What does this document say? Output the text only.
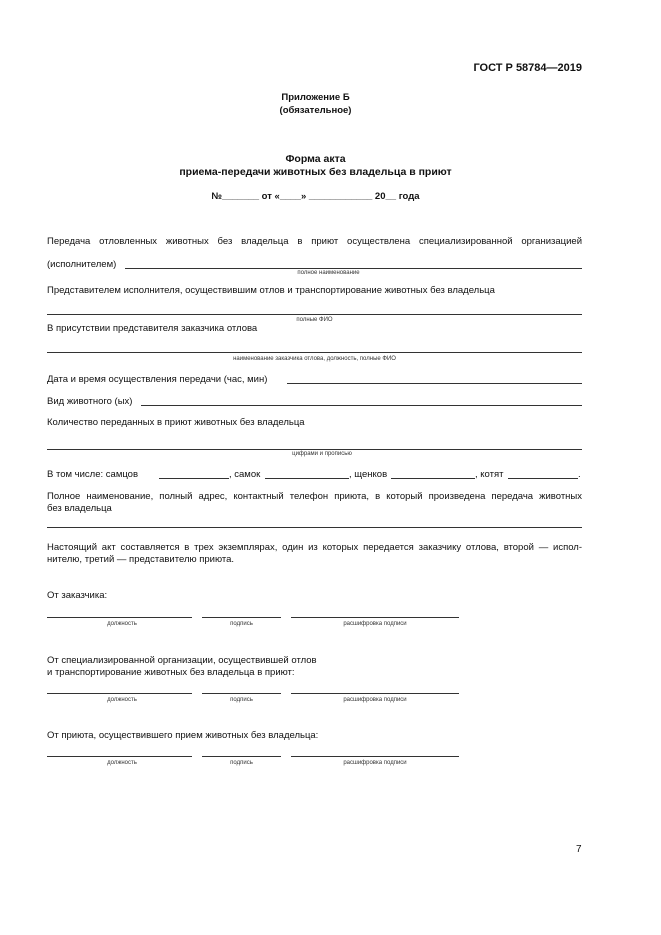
ГОСТ Р 58784—2019
Приложение Б
(обязательное)
Форма акта
приема-передачи животных без владельца в приют
№_______ от «____» ____________ 20__ года
Передача отловленных животных без владельца в приют осуществлена специализированной организацией
(исполнителем)
полное наименование
Представителем исполнителя, осуществившим отлов и транспортирование животных без владельца
полные ФИО
В присутствии представителя заказчика отлова
наименование заказчика отлова, должность, полные ФИО
Дата и время осуществления передачи (час, мин)
Вид животного (ых)
Количество переданных в приют животных без владельца
цифрами и прописью
В том числе: самцов	, самок	, щенков	, котят	.
Полное наименование, полный адрес, контактный телефон приюта, в который произведена передача животных
без владельца
Настоящий акт составляется в трех экземплярах, один из которых передается заказчику отлова, второй — испол-
нителю, третий — представителю приюта.
От заказчика:
должность	подпись	расшифровка подписи
От специализированной организации, осуществившей отлов
и транспортирование животных без владельца в приют:
должность	подпись	расшифровка подписи
От приюта, осуществившего прием животных без владельца:
должность	подпись	расшифровка подписи
7
